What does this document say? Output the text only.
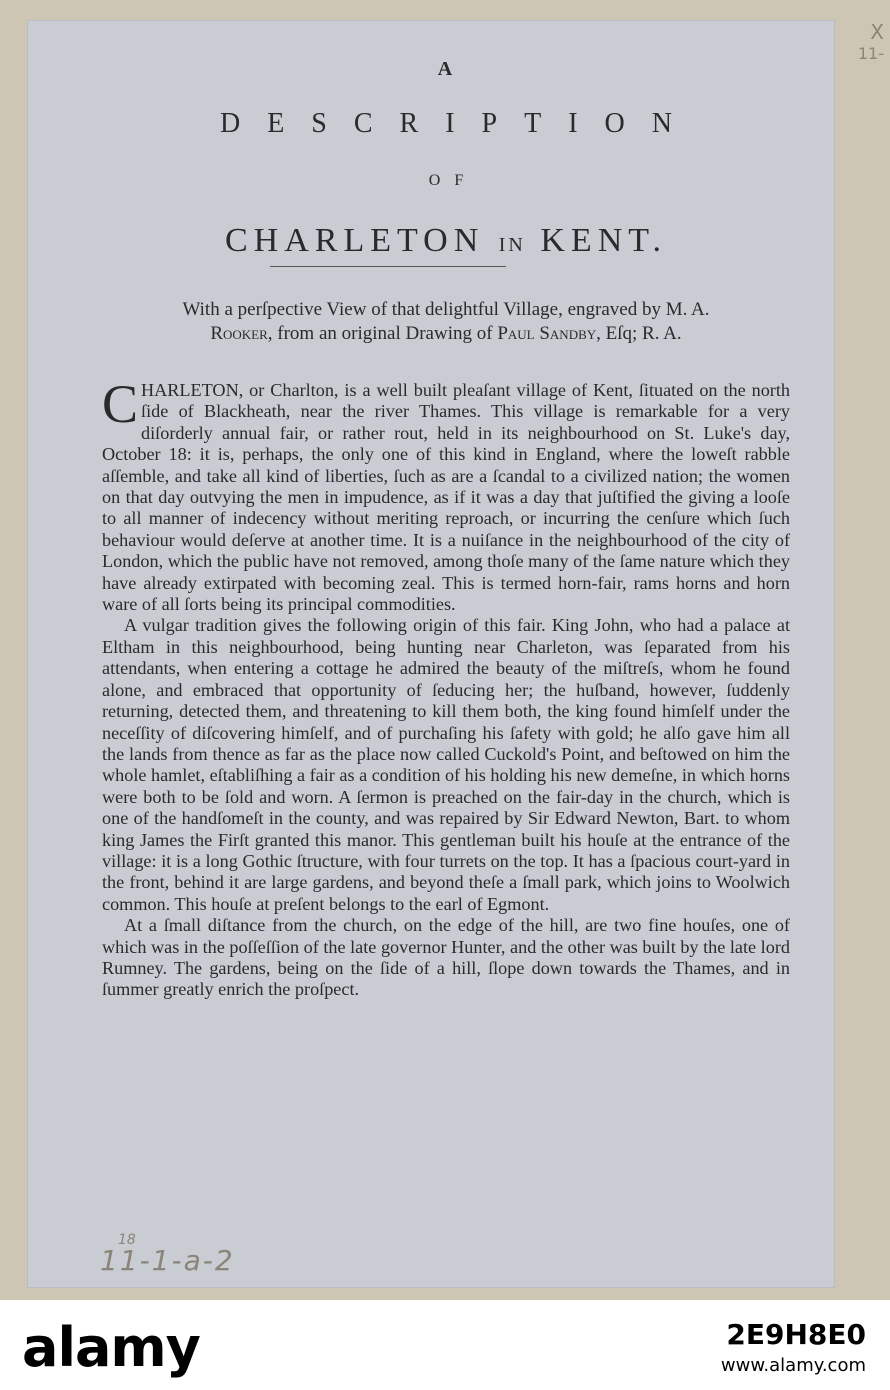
X
11-
A
DESCRIPTION
OF
CHARLETON IN KENT.
With a perſpective View of that delightful Village, engraved by M. A.
Rooker, from an original Drawing of Paul Sandby, Eſq; R. A.

CHARLETON, or Charlton, is a well built pleaſant village of Kent, ſituated on the north ſide of Blackheath, near the river Thames. This village is remarkable for a very diſorderly annual fair, or rather rout, held in its neighbourhood on St. Luke's day, October 18: it is, perhaps, the only one of this kind in England, where the loweſt rabble aſſemble, and take all kind of liberties, ſuch as are a ſcandal to a civilized nation; the women on that day outvying the men in impudence, as if it was a day that juſtified the giving a looſe to all manner of indecency without meriting reproach, or incurring the cenſure which ſuch behaviour would deſerve at another time. It is a nuiſance in the neighbourhood of the city of London, which the public have not removed, among thoſe many of the ſame nature which they have already extirpated with becoming zeal. This is termed horn-fair, rams horns and horn ware of all ſorts being its principal commodities.

A vulgar tradition gives the following origin of this fair. King John, who had a palace at Eltham in this neighbourhood, being hunting near Charleton, was ſeparated from his attendants, when entering a cottage he admired the beauty of the miſtreſs, whom he found alone, and embraced that opportunity of ſeducing her; the huſband, however, ſuddenly returning, detected them, and threatening to kill them both, the king found himſelf under the neceſſity of diſcovering himſelf, and of purchaſing his ſafety with gold; he alſo gave him all the lands from thence as far as the place now called Cuckold's Point, and beſtowed on him the whole hamlet, eſtabliſhing a fair as a condition of his holding his new demeſne, in which horns were both to be ſold and worn. A ſermon is preached on the fair-day in the church, which is one of the handſomeſt in the county, and was repaired by Sir Edward Newton, Bart. to whom king James the Firſt granted this manor. This gentleman built his houſe at the entrance of the village: it is a long Gothic ſtructure, with four turrets on the top. It has a ſpacious court-yard in the front, behind it are large gardens, and beyond theſe a ſmall park, which joins to Woolwich common. This houſe at preſent belongs to the earl of Egmont.

At a ſmall diſtance from the church, on the edge of the hill, are two fine houſes, one of which was in the poſſeſſion of the late governor Hunter, and the other was built by the late lord Rumney. The gardens, being on the ſide of a hill, ſlope down towards the Thames, and in ſummer greatly enrich the proſpect.

18
11-1-a-2
alamy	2E9H8E0
www.alamy.com
